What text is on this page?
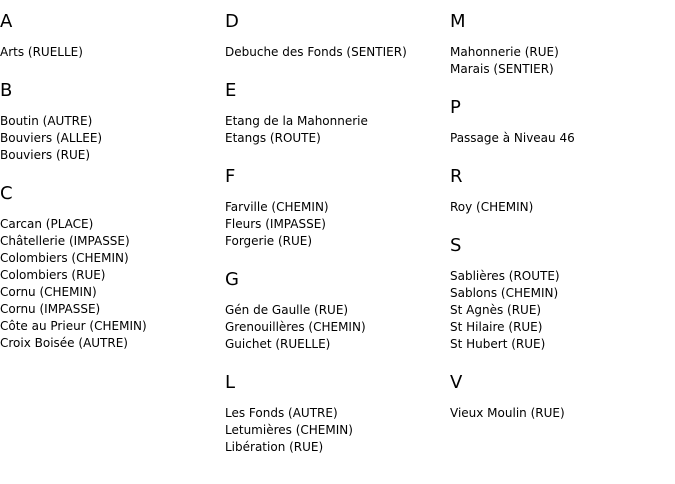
A
Arts (RUELLE)
B
Boutin (AUTRE)
Bouviers (ALLEE)
Bouviers (RUE)
C
Carcan (PLACE)
Châtellerie (IMPASSE)
Colombiers (CHEMIN)
Colombiers (RUE)
Cornu (CHEMIN)
Cornu (IMPASSE)
Côte au Prieur (CHEMIN)
Croix Boisée (AUTRE)
D
Debuche des Fonds (SENTIER)
E
Etang de la Mahonnerie
Etangs (ROUTE)
F
Farville (CHEMIN)
Fleurs (IMPASSE)
Forgerie (RUE)
G
Gén de Gaulle (RUE)
Grenouillères (CHEMIN)
Guichet (RUELLE)
L
Les Fonds (AUTRE)
Letumières (CHEMIN)
Libération (RUE)
M
Mahonnerie (RUE)
Marais (SENTIER)
P
Passage à Niveau 46
R
Roy (CHEMIN)
S
Sablières (ROUTE)
Sablons (CHEMIN)
St Agnès (RUE)
St Hilaire (RUE)
St Hubert (RUE)
V
Vieux Moulin (RUE)
